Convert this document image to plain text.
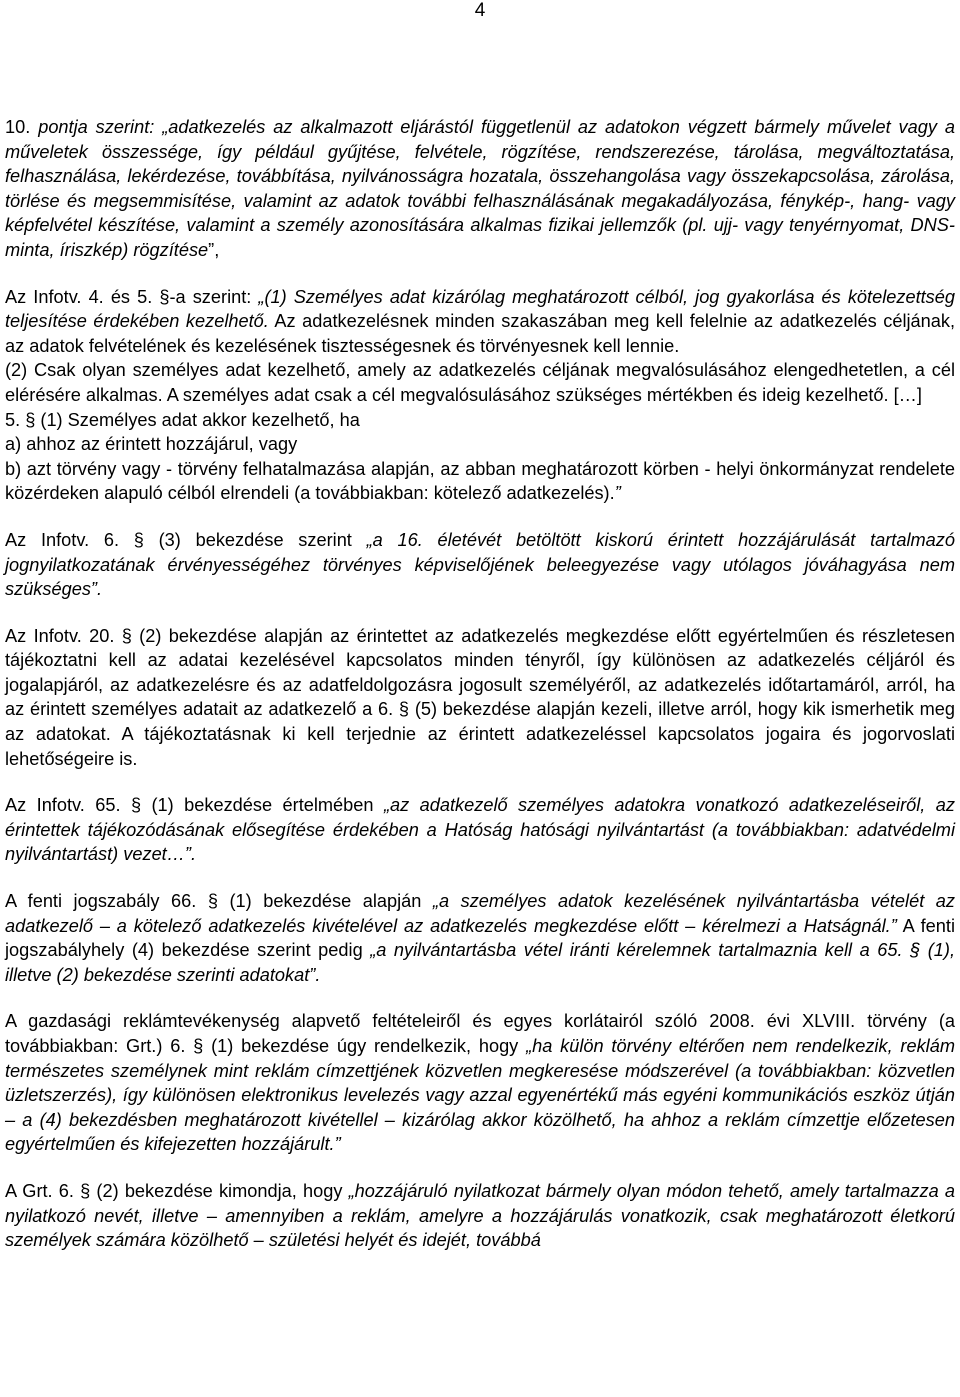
4

10. pontja szerint: „adatkezelés az alkalmazott eljárástól függetlenül az adatokon végzett bármely művelet vagy a műveletek összessége, így például gyűjtése, felvétele, rögzítése, rendszerezése, tárolása, megváltoztatása, felhasználása, lekérdezése, továbbítása, nyilvánosságra hozatala, összehangolása vagy összekapcsolása, zárolása, törlése és megsemmisítése, valamint az adatok további felhasználásának megakadályozása, fénykép-, hang- vagy képfelvétel készítése, valamint a személy azonosítására alkalmas fizikai jellemzők (pl. ujj- vagy tenyérnyomat, DNS-minta, íriszkép) rögzítése”,

Az Infotv. 4. és 5. §-a szerint: „(1) Személyes adat kizárólag meghatározott célból, jog gyakorlása és kötelezettség teljesítése érdekében kezelhető. Az adatkezelésnek minden szakaszában meg kell felelnie az adatkezelés céljának, az adatok felvételének és kezelésének tisztességesnek és törvényesnek kell lennie.

(2) Csak olyan személyes adat kezelhető, amely az adatkezelés céljának megvalósulásához elengedhetetlen, a cél elérésére alkalmas. A személyes adat csak a cél megvalósulásához szükséges mértékben és ideig kezelhető. […]

5. § (1) Személyes adat akkor kezelhető, ha

a) ahhoz az érintett hozzájárul, vagy

b) azt törvény vagy - törvény felhatalmazása alapján, az abban meghatározott körben - helyi önkormányzat rendelete közérdeken alapuló célból elrendeli (a továbbiakban: kötelező adatkezelés).”

Az Infotv. 6. § (3) bekezdése szerint „a 16. életévét betöltött kiskorú érintett hozzájárulását tartalmazó jognyilatkozatának érvényességéhez törvényes képviselőjének beleegyezése vagy utólagos jóváhagyása nem szükséges”.

Az Infotv. 20. § (2) bekezdése alapján az érintettet az adatkezelés megkezdése előtt egyértelműen és részletesen tájékoztatni kell az adatai kezelésével kapcsolatos minden tényről, így különösen az adatkezelés céljáról és jogalapjáról, az adatkezelésre és az adatfeldolgozásra jogosult személyéről, az adatkezelés időtartamáról, arról, ha az érintett személyes adatait az adatkezelő a 6. § (5) bekezdése alapján kezeli, illetve arról, hogy kik ismerhetik meg az adatokat. A tájékoztatásnak ki kell terjednie az érintett adatkezeléssel kapcsolatos jogaira és jogorvoslati lehetőségeire is.

Az Infotv. 65. § (1) bekezdése értelmében „az adatkezelő személyes adatokra vonatkozó adatkezeléseiről, az érintettek tájékozódásának elősegítése érdekében a Hatóság hatósági nyilvántartást (a továbbiakban: adatvédelmi nyilvántartást) vezet…”.

A fenti jogszabály 66. § (1) bekezdése alapján „a személyes adatok kezelésének nyilvántartásba vételét az adatkezelő – a kötelező adatkezelés kivételével az adatkezelés megkezdése előtt – kérelmezi a Hatságnál.” A fenti jogszabályhely (4) bekezdése szerint pedig „a nyilvántartásba vétel iránti kérelemnek tartalmaznia kell a 65. § (1), illetve (2) bekezdése szerinti adatokat”.

A gazdasági reklámtevékenység alapvető feltételeiről és egyes korlátairól szóló 2008. évi XLVIII. törvény (a továbbiakban: Grt.) 6. § (1) bekezdése úgy rendelkezik, hogy „ha külön törvény eltérően nem rendelkezik, reklám természetes személynek mint reklám címzettjének közvetlen megkeresése módszerével (a továbbiakban: közvetlen üzletszerzés), így különösen elektronikus levelezés vagy azzal egyenértékű más egyéni kommunikációs eszköz útján – a (4) bekezdésben meghatározott kivétellel – kizárólag akkor közölhető, ha ahhoz a reklám címzettje előzetesen egyértelműen és kifejezetten hozzájárult.”

A Grt. 6. § (2) bekezdése kimondja, hogy „hozzájáruló nyilatkozat bármely olyan módon tehető, amely tartalmazza a nyilatkozó nevét, illetve – amennyiben a reklám, amelyre a hozzájárulás vonatkozik, csak meghatározott életkorú személyek számára közölhető – születési helyét és idejét, továbbá
